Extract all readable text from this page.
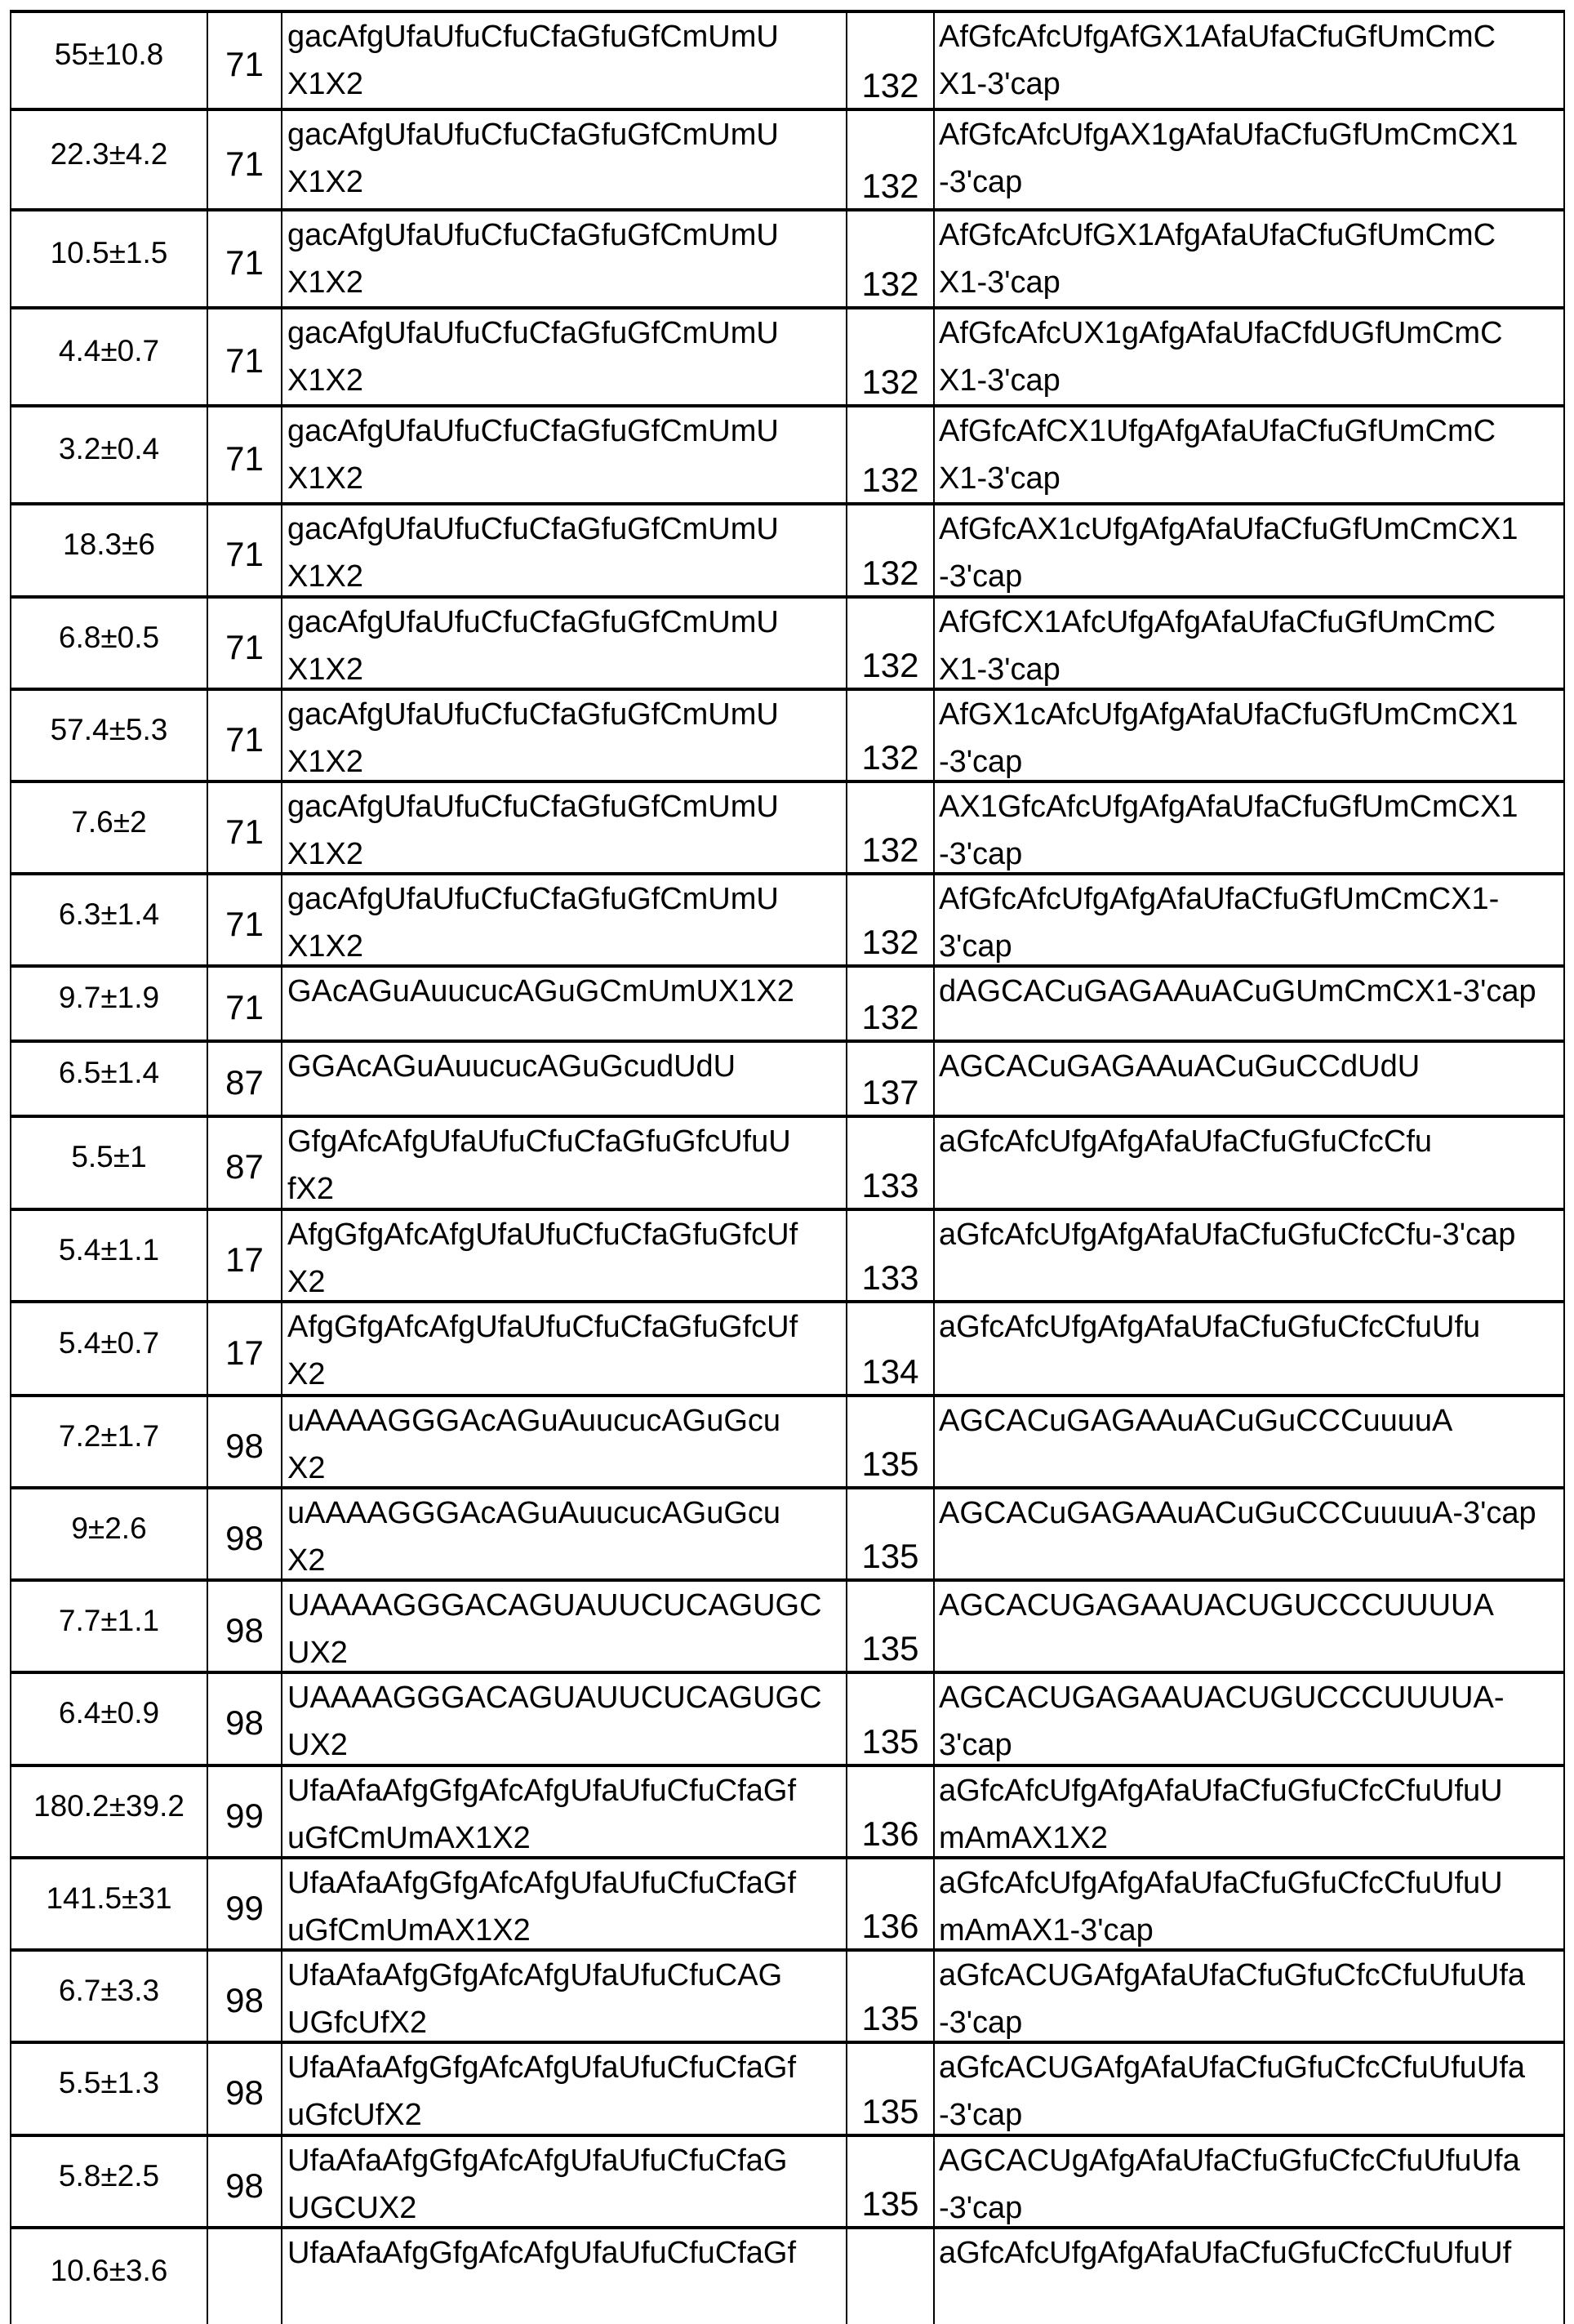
55±10.8 71
gacAfgUfaUfuCfuCfaGfuGfCmUmU
X1X2	132
AfGfcAfcUfgAfGX1AfaUfaCfuGfUmCmC
X1-3'cap
22.3±4.2 71
gacAfgUfaUfuCfuCfaGfuGfCmUmU
X1X2	132
AfGfcAfcUfgAX1gAfaUfaCfuGfUmCmCX1
-3'cap
10.5±1.5 71
gacAfgUfaUfuCfuCfaGfuGfCmUmU
X1X2	132
AfGfcAfcUfGX1AfgAfaUfaCfuGfUmCmC
X1-3'cap
4.4±0.7 71
gacAfgUfaUfuCfuCfaGfuGfCmUmU
X1X2	132
AfGfcAfcUX1gAfgAfaUfaCfdUGfUmCmC
X1-3'cap
3.2±0.4 71
gacAfgUfaUfuCfuCfaGfuGfCmUmU
X1X2	132
AfGfcAfCX1UfgAfgAfaUfaCfuGfUmCmC
X1-3'cap
18.3±6 71
gacAfgUfaUfuCfuCfaGfuGfCmUmU
X1X2	132
AfGfcAX1cUfgAfgAfaUfaCfuGfUmCmCX1
-3'cap
6.8±0.5 71
gacAfgUfaUfuCfuCfaGfuGfCmUmU
X1X2	132
AfGfCX1AfcUfgAfgAfaUfaCfuGfUmCmC
X1-3'cap
57.4±5.3 71
gacAfgUfaUfuCfuCfaGfuGfCmUmU
X1X2	132
AfGX1cAfcUfgAfgAfaUfaCfuGfUmCmCX1
-3'cap
7.6±2 71
gacAfgUfaUfuCfuCfaGfuGfCmUmU
X1X2	132
AX1GfcAfcUfgAfgAfaUfaCfuGfUmCmCX1
-3'cap
6.3±1.4 71
gacAfgUfaUfuCfuCfaGfuGfCmUmU
X1X2	132
AfGfcAfcUfgAfgAfaUfaCfuGfUmCmCX1-
3'cap
9.7±1.9 71 GAcAGuAuucucAGuGCmUmUX1X2
132
dAGCACuGAGAAuACuGUmCmCX1-3'cap
6.5±1.4 87 GGAcAGuAuucucAGuGcudUdU
137
AGCACuGAGAAuACuGuCCdUdU
5.5±1 87
GfgAfcAfgUfaUfuCfuCfaGfuGfcUfuU
fX2	133
aGfcAfcUfgAfgAfaUfaCfuGfuCfcCfu
5.4±1.1 17
AfgGfgAfcAfgUfaUfuCfuCfaGfuGfcUf
X2	133
aGfcAfcUfgAfgAfaUfaCfuGfuCfcCfu-3'cap
5.4±0.7 17
AfgGfgAfcAfgUfaUfuCfuCfaGfuGfcUf
X2	134
aGfcAfcUfgAfgAfaUfaCfuGfuCfcCfuUfu
7.2±1.7 98
uAAAAGGGAcAGuAuucucAGuGcu
X2	135
AGCACuGAGAAuACuGuCCCuuuuA
9±2.6 98
uAAAAGGGAcAGuAuucucAGuGcu
X2	135
AGCACuGAGAAuACuGuCCCuuuuA-3'cap
7.7±1.1 98
UAAAAGGGACAGUAUUCUCAGUGC
UX2	135
AGCACUGAGAAUACUGUCCCUUUUA
6.4±0.9 98
UAAAAGGGACAGUAUUCUCAGUGC
UX2	135
AGCACUGAGAAUACUGUCCCUUUUA-
3'cap
180.2±39.2 99
UfaAfaAfgGfgAfcAfgUfaUfuCfuCfaGf
uGfCmUmAX1X2	136
aGfcAfcUfgAfgAfaUfaCfuGfuCfcCfuUfuU
mAmAX1X2
141.5±31 99
UfaAfaAfgGfgAfcAfgUfaUfuCfuCfaGf
uGfCmUmAX1X2	136
aGfcAfcUfgAfgAfaUfaCfuGfuCfcCfuUfuU
mAmAX1-3'cap
6.7±3.3 98
UfaAfaAfgGfgAfcAfgUfaUfuCfuCAG
UGfcUfX2	135
aGfcACUGAfgAfaUfaCfuGfuCfcCfuUfuUfa
-3'cap
5.5±1.3 98
UfaAfaAfgGfgAfcAfgUfaUfuCfuCfaGf
uGfcUfX2	135
aGfcACUGAfgAfaUfaCfuGfuCfcCfuUfuUfa
-3'cap
5.8±2.5 98
UfaAfaAfgGfgAfcAfgUfaUfuCfuCfaG
UGCUX2	135
AGCACUgAfgAfaUfaCfuGfuCfcCfuUfuUfa
-3'cap
10.6±3.6
UfaAfaAfgGfgAfcAfgUfaUfuCfuCfaGf	aGfcAfcUfgAfgAfaUfaCfuGfuCfcCfuUfuUf
